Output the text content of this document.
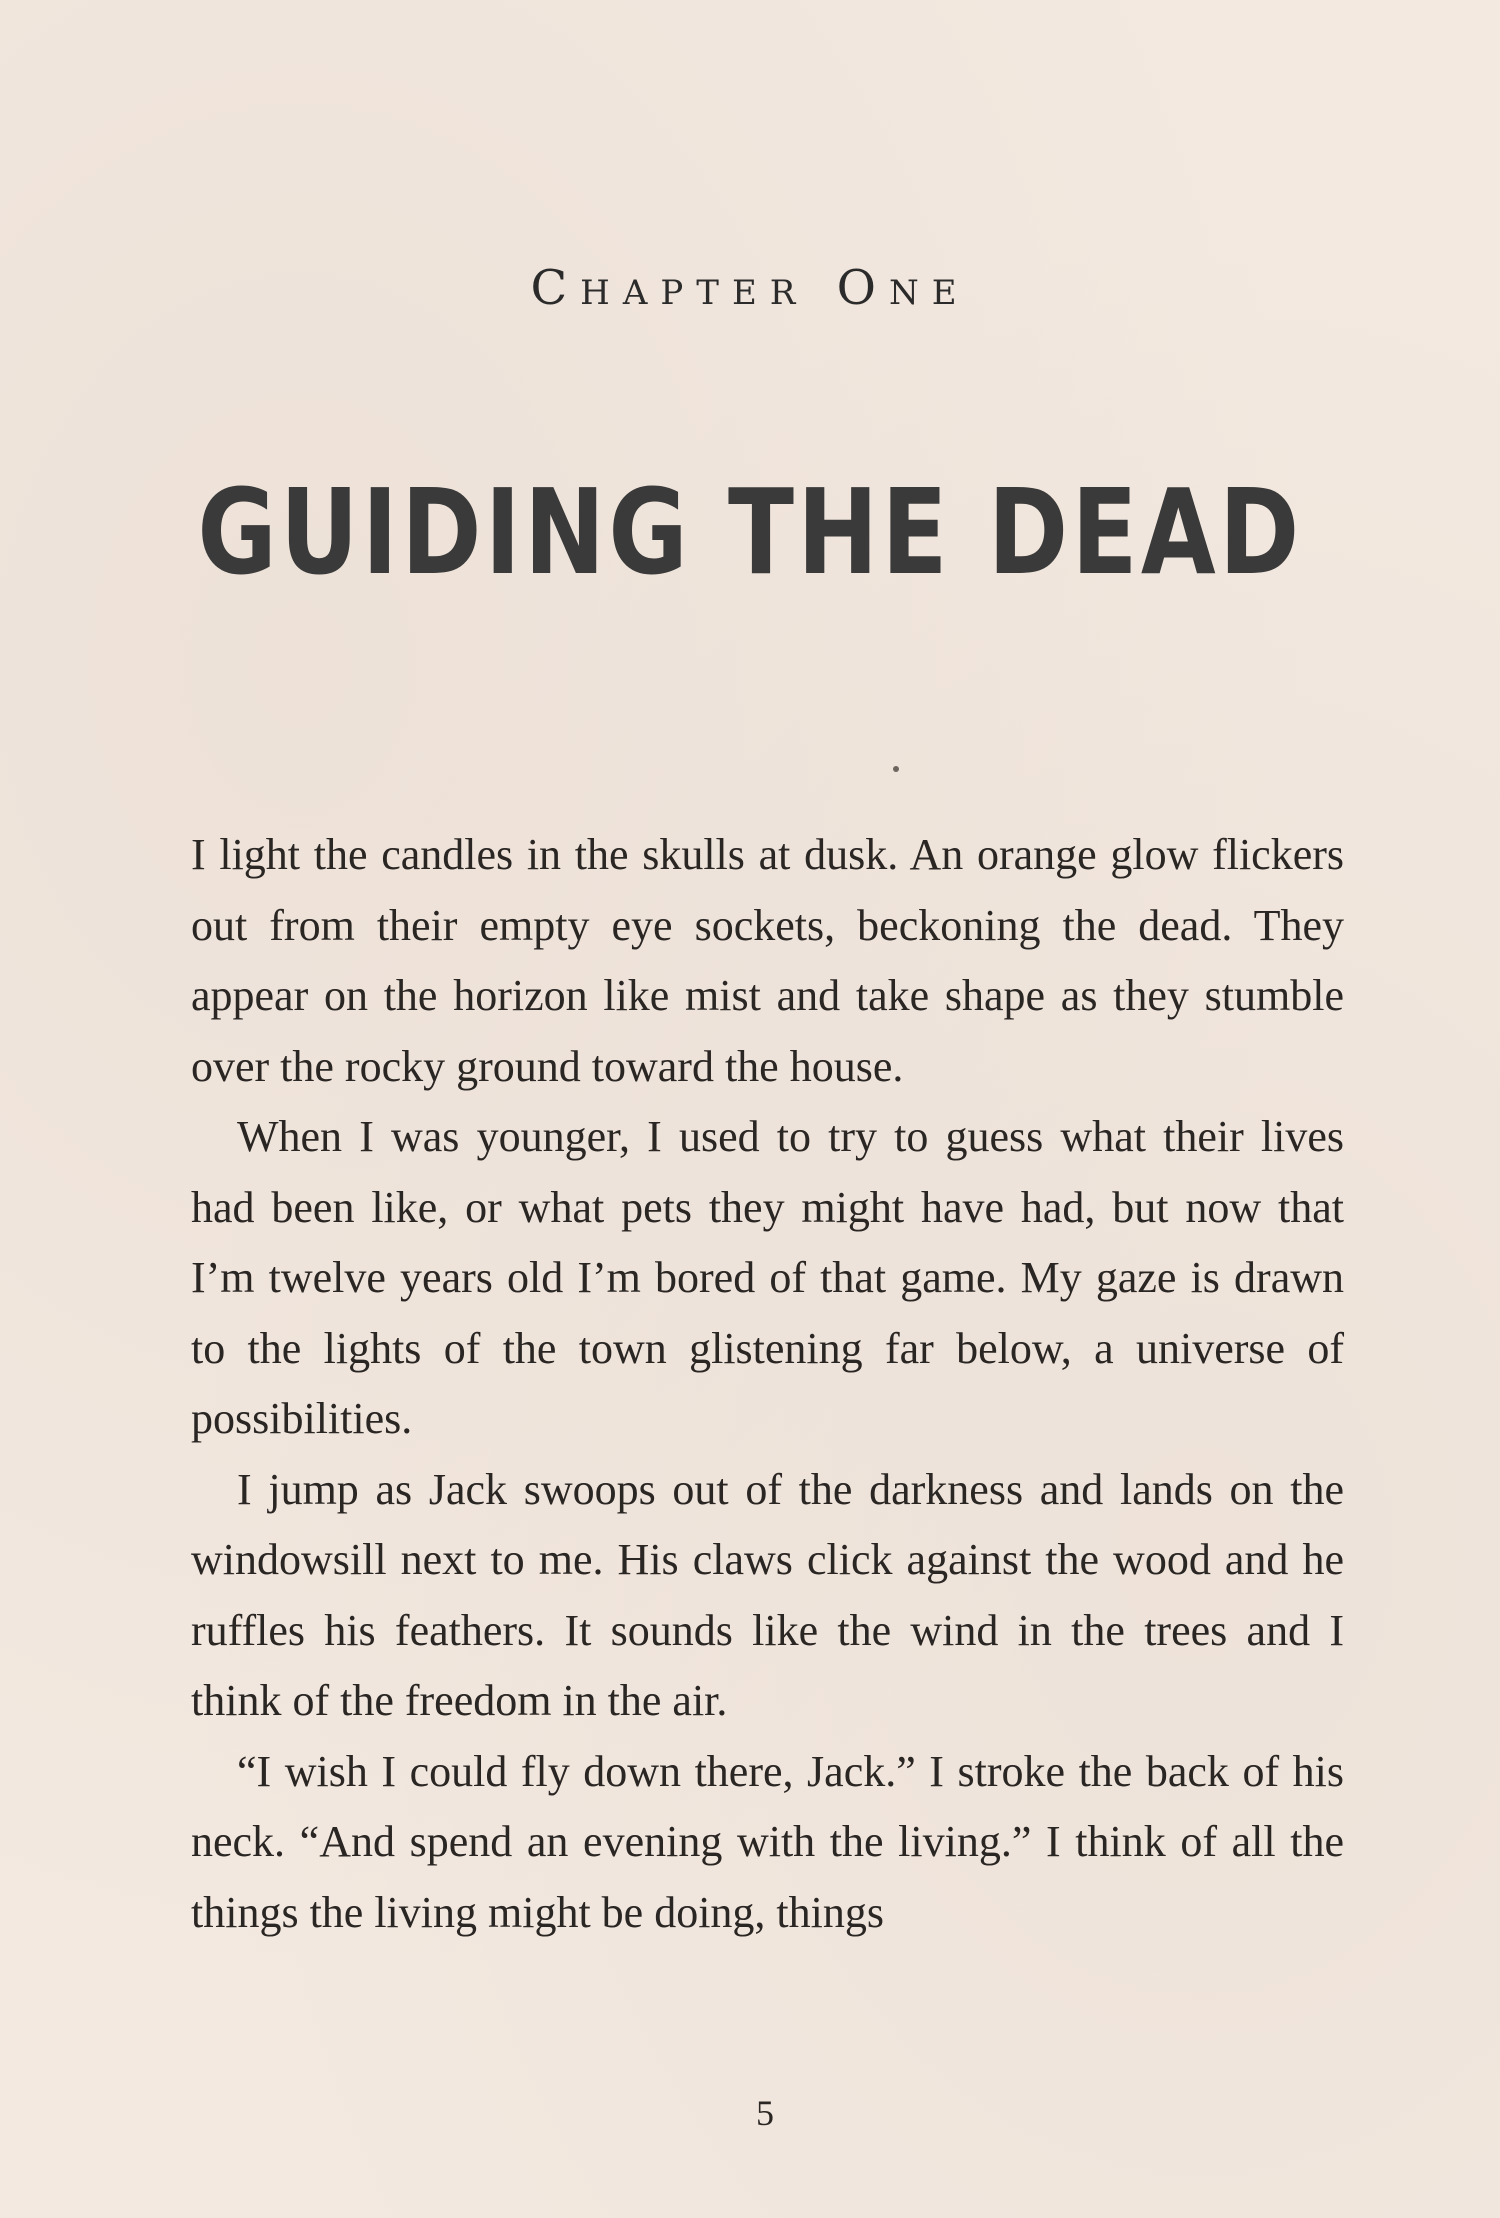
Chapter One
GUIDING THE DEAD

I light the candles in the skulls at dusk. An orange glow flickers out from their empty eye sockets, beckoning the dead. They appear on the horizon like mist and take shape as they stumble over the rocky ground toward the house.

When I was younger, I used to try to guess what their lives had been like, or what pets they might have had, but now that I’m twelve years old I’m bored of that game. My gaze is drawn to the lights of the town glistening far below, a universe of possibilities.

I jump as Jack swoops out of the darkness and lands on the windowsill next to me. His claws click against the wood and he ruffles his feathers. It sounds like the wind in the trees and I think of the freedom in the air.

“I wish I could fly down there, Jack.” I stroke the back of his neck. “And spend an evening with the living.” I think of all the things the living might be doing, things

5
